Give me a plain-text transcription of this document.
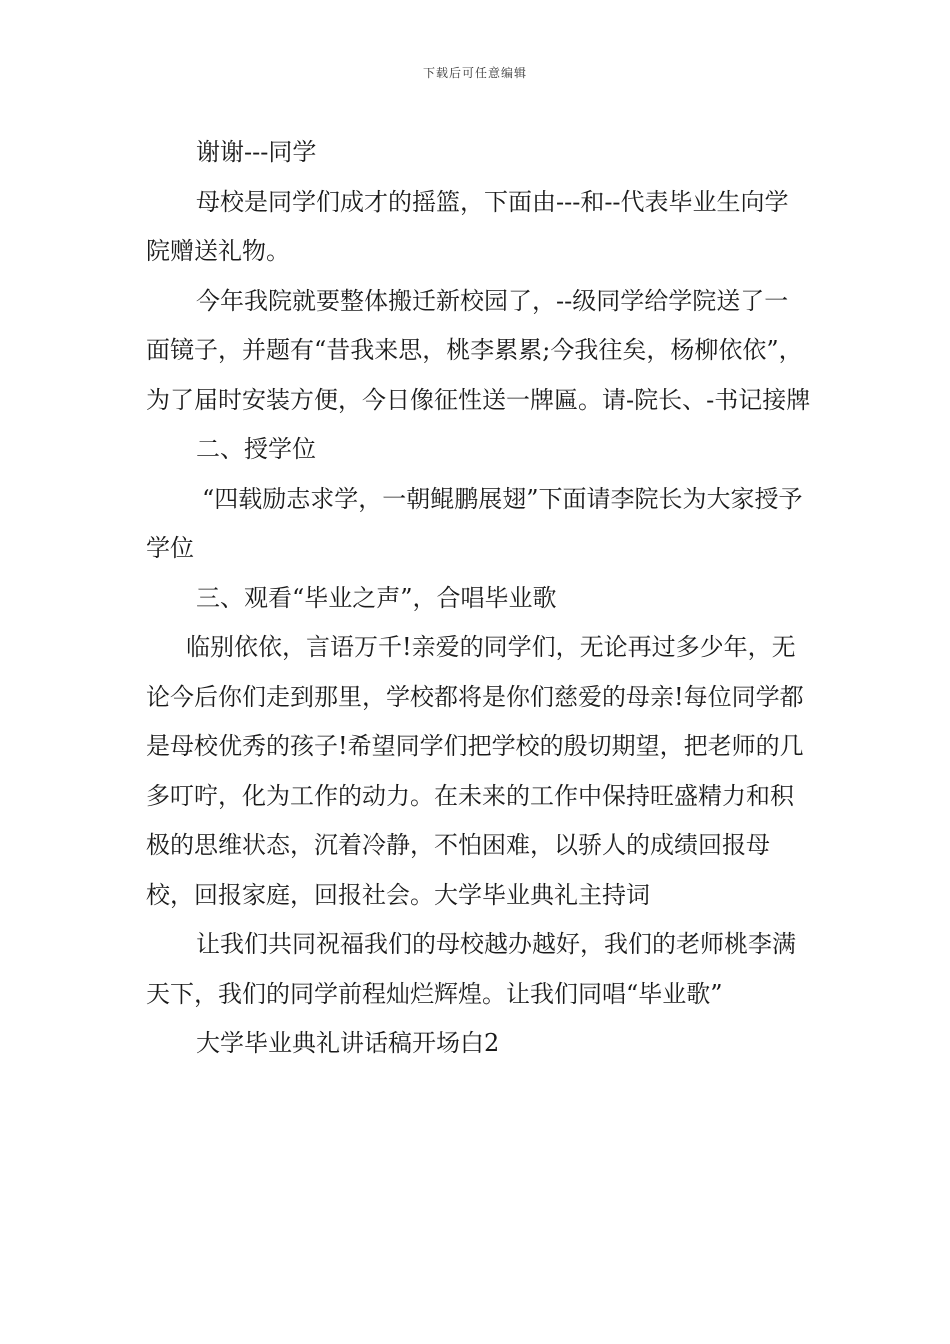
下载后可任意编辑

谢谢---同学

母校是同学们成才的摇篮，下面由---和--代表毕业生向学院赠送礼物。

今年我院就要整体搬迁新校园了，--级同学给学院送了一面镜子，并题有“昔我来思，桃李累累;今我往矣，杨柳依依”，为了届时安装方便，今日像征性送一牌匾。请-院长、-书记接牌

二、授学位

“四载励志求学，一朝鲲鹏展翅”下面请李院长为大家授予学位

三、观看“毕业之声”，合唱毕业歌

临别依依，言语万千!亲爱的同学们，无论再过多少年，无论今后你们走到那里，学校都将是你们慈爱的母亲!每位同学都是母校优秀的孩子!希望同学们把学校的殷切期望，把老师的几多叮咛，化为工作的动力。在未来的工作中保持旺盛精力和积极的思维状态，沉着冷静，不怕困难，以骄人的成绩回报母校，回报家庭，回报社会。大学毕业典礼主持词

让我们共同祝福我们的母校越办越好，我们的老师桃李满天下，我们的同学前程灿烂辉煌。让我们同唱“毕业歌”

大学毕业典礼讲话稿开场白2
